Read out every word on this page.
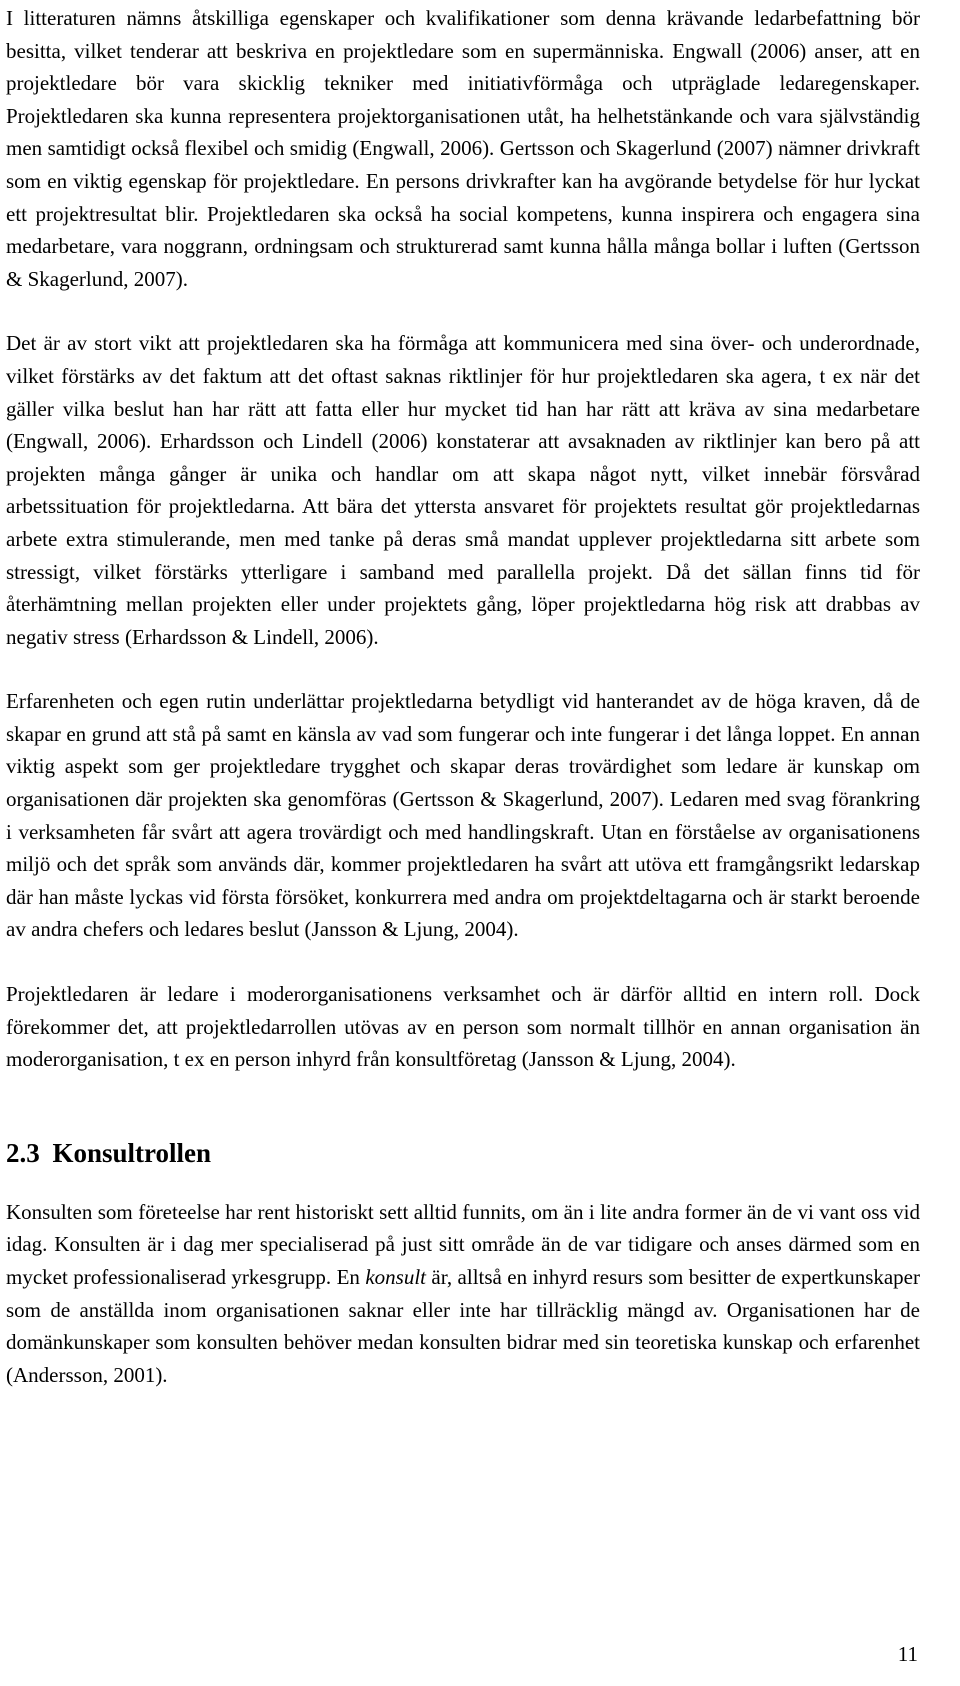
I litteraturen nämns åtskilliga egenskaper och kvalifikationer som denna krävande ledarbefattning bör besitta, vilket tenderar att beskriva en projektledare som en supermänniska. Engwall (2006) anser, att en projektledare bör vara skicklig tekniker med initiativförmåga och utpräglade ledaregenskaper. Projektledaren ska kunna representera projektorganisationen utåt, ha helhetstänkande och vara självständig men samtidigt också flexibel och smidig (Engwall, 2006). Gertsson och Skagerlund (2007) nämner drivkraft som en viktig egenskap för projektledare. En persons drivkrafter kan ha avgörande betydelse för hur lyckat ett projektresultat blir. Projektledaren ska också ha social kompetens, kunna inspirera och engagera sina medarbetare, vara noggrann, ordningsam och strukturerad samt kunna hålla många bollar i luften (Gertsson & Skagerlund, 2007).

Det är av stort vikt att projektledaren ska ha förmåga att kommunicera med sina över- och underordnade, vilket förstärks av det faktum att det oftast saknas riktlinjer för hur projektledaren ska agera, t ex när det gäller vilka beslut han har rätt att fatta eller hur mycket tid han har rätt att kräva av sina medarbetare (Engwall, 2006). Erhardsson och Lindell (2006) konstaterar att avsaknaden av riktlinjer kan bero på att projekten många gånger är unika och handlar om att skapa något nytt, vilket innebär försvårad arbetssituation för projektledarna. Att bära det yttersta ansvaret för projektets resultat gör projektledarnas arbete extra stimulerande, men med tanke på deras små mandat upplever projektledarna sitt arbete som stressigt, vilket förstärks ytterligare i samband med parallella projekt. Då det sällan finns tid för återhämtning mellan projekten eller under projektets gång, löper projektledarna hög risk att drabbas av negativ stress (Erhardsson & Lindell, 2006).

Erfarenheten och egen rutin underlättar projektledarna betydligt vid hanterandet av de höga kraven, då de skapar en grund att stå på samt en känsla av vad som fungerar och inte fungerar i det långa loppet. En annan viktig aspekt som ger projektledare trygghet och skapar deras trovärdighet som ledare är kunskap om organisationen där projekten ska genomföras (Gertsson & Skagerlund, 2007). Ledaren med svag förankring i verksamheten får svårt att agera trovärdigt och med handlingskraft. Utan en förståelse av organisationens miljö och det språk som används där, kommer projektledaren ha svårt att utöva ett framgångsrikt ledarskap där han måste lyckas vid första försöket, konkurrera med andra om projektdeltagarna och är starkt beroende av andra chefers och ledares beslut (Jansson & Ljung, 2004).

Projektledaren är ledare i moderorganisationens verksamhet och är därför alltid en intern roll. Dock förekommer det, att projektledarrollen utövas av en person som normalt tillhör en annan organisation än moderorganisation, t ex en person inhyrd från konsultföretag (Jansson & Ljung, 2004).

2.3 Konsultrollen

Konsulten som företeelse har rent historiskt sett alltid funnits, om än i lite andra former än de vi vant oss vid idag. Konsulten är i dag mer specialiserad på just sitt område än de var tidigare och anses därmed som en mycket professionaliserad yrkesgrupp. En konsult är, alltså en inhyrd resurs som besitter de expertkunskaper som de anställda inom organisationen saknar eller inte har tillräcklig mängd av. Organisationen har de domänkunskaper som konsulten behöver medan konsulten bidrar med sin teoretiska kunskap och erfarenhet (Andersson, 2001).

11
